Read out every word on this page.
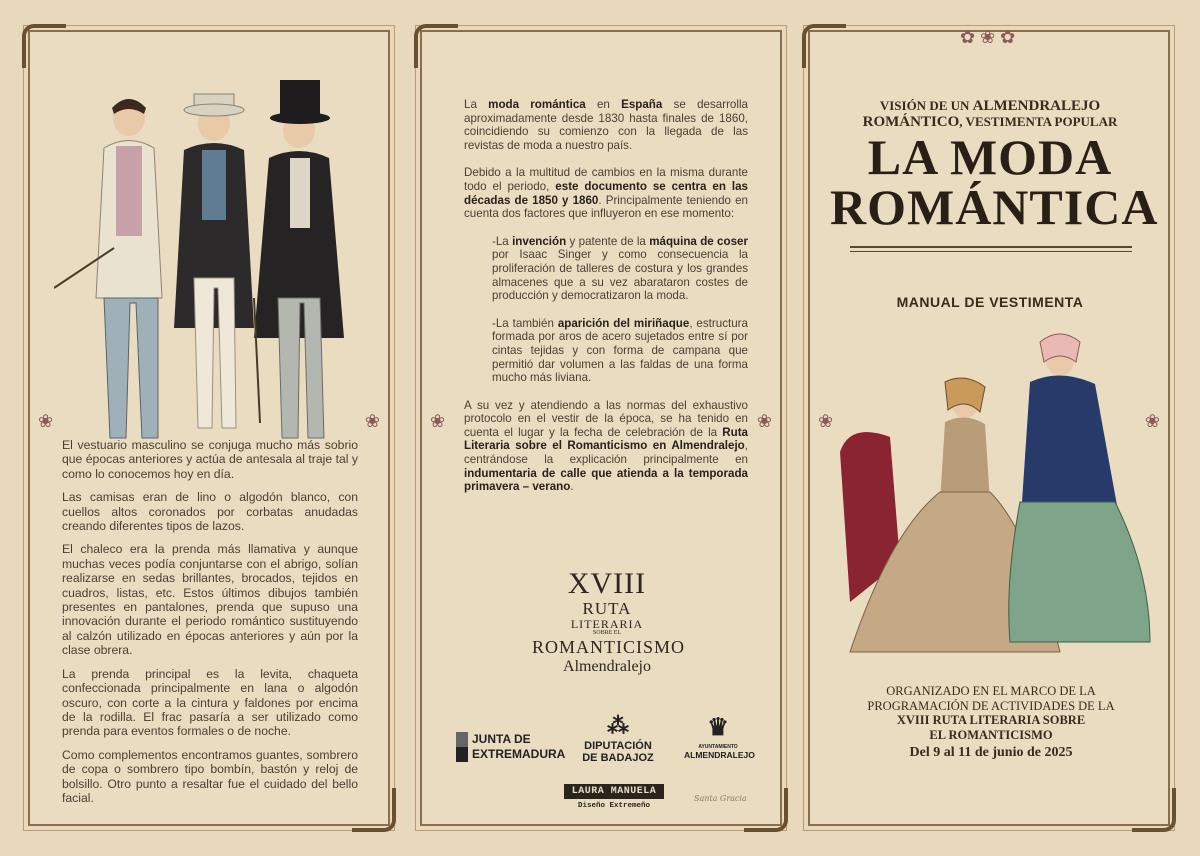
❀	❀

El vestuario masculino se conjuga mucho más sobrio que épocas anteriores y actúa de antesala al traje tal y como lo conocemos hoy en día.

Las camisas eran de lino o algodón blanco, con cuellos altos coronados por corbatas anudadas creando diferentes tipos de lazos.

El chaleco era la prenda más llamativa y aunque muchas veces podía conjuntarse con el abrigo, solían realizarse en sedas brillantes, brocados, tejidos en cuadros, listas, etc. Estos últimos dibujos también presentes en pantalones, prenda que supuso una innovación durante el periodo romántico sustituyendo al calzón utilizado en épocas anteriores y aún por la clase obrera.

La prenda principal es la levita, chaqueta confeccionada principalmente en lana o algodón oscuro, con corte a la cintura y faldones por encima de la rodilla. El frac pasaría a ser utilizado como prenda para eventos formales o de noche.

Como complementos encontramos guantes, sombrero de copa o sombrero tipo bombín, bastón y reloj de bolsillo. Otro punto a resaltar fue el cuidado del bello facial.

❀	❀

La moda romántica en España se desarrolla aproximadamente desde 1830 hasta finales de 1860, coincidiendo su comienzo con la llegada de las revistas de moda a nuestro país.

Debido a la multitud de cambios en la misma durante todo el periodo, este documento se centra en las décadas de 1850 y 1860. Principalmente teniendo en cuenta dos factores que influyeron en ese momento:

-La invención y patente de la máquina de coser por Isaac Singer y como consecuencia la proliferación de talleres de costura y los grandes almacenes que a su vez abarataron costes de producción y democratizaron la moda.

-La también aparición del miriñaque, estructura formada por aros de acero sujetados entre sí por cintas tejidas y con forma de campana que permitió dar volumen a las faldas de una forma mucho más liviana.

A su vez y atendiendo a las normas del exhaustivo protocolo en el vestir de la época, se ha tenido en cuenta el lugar y la fecha de celebración de la Ruta Literaria sobre el Romanticismo en Almendralejo, centrándose la explicación principalmente en indumentaria de calle que atienda a la temporada primavera – verano.

XVIII
RUTA
LITERARIA
SOBRE EL
ROMANTICISMO
Almendralejo
JUNTA DE
EXTREMADURA
⁂
DIPUTACIÓN
DE BADAJOZ
♛
AYUNTAMIENTO
ALMENDRALEJO
LAURA MANUELA
Diseño Extremeño
Santa Gracia
✿ ❀ ✿
❀	❀
VISIÓN DE UN ALMENDRALEJO
ROMÁNTICO, VESTIMENTA POPULAR
LA MODA
ROMÁNTICA
MANUAL DE VESTIMENTA
ORGANIZADO EN EL MARCO DE LA
PROGRAMACIÓN DE ACTIVIDADES DE LA
XVIII RUTA LITERARIA SOBRE
EL ROMANTICISMO
Del 9 al 11 de junio de 2025
